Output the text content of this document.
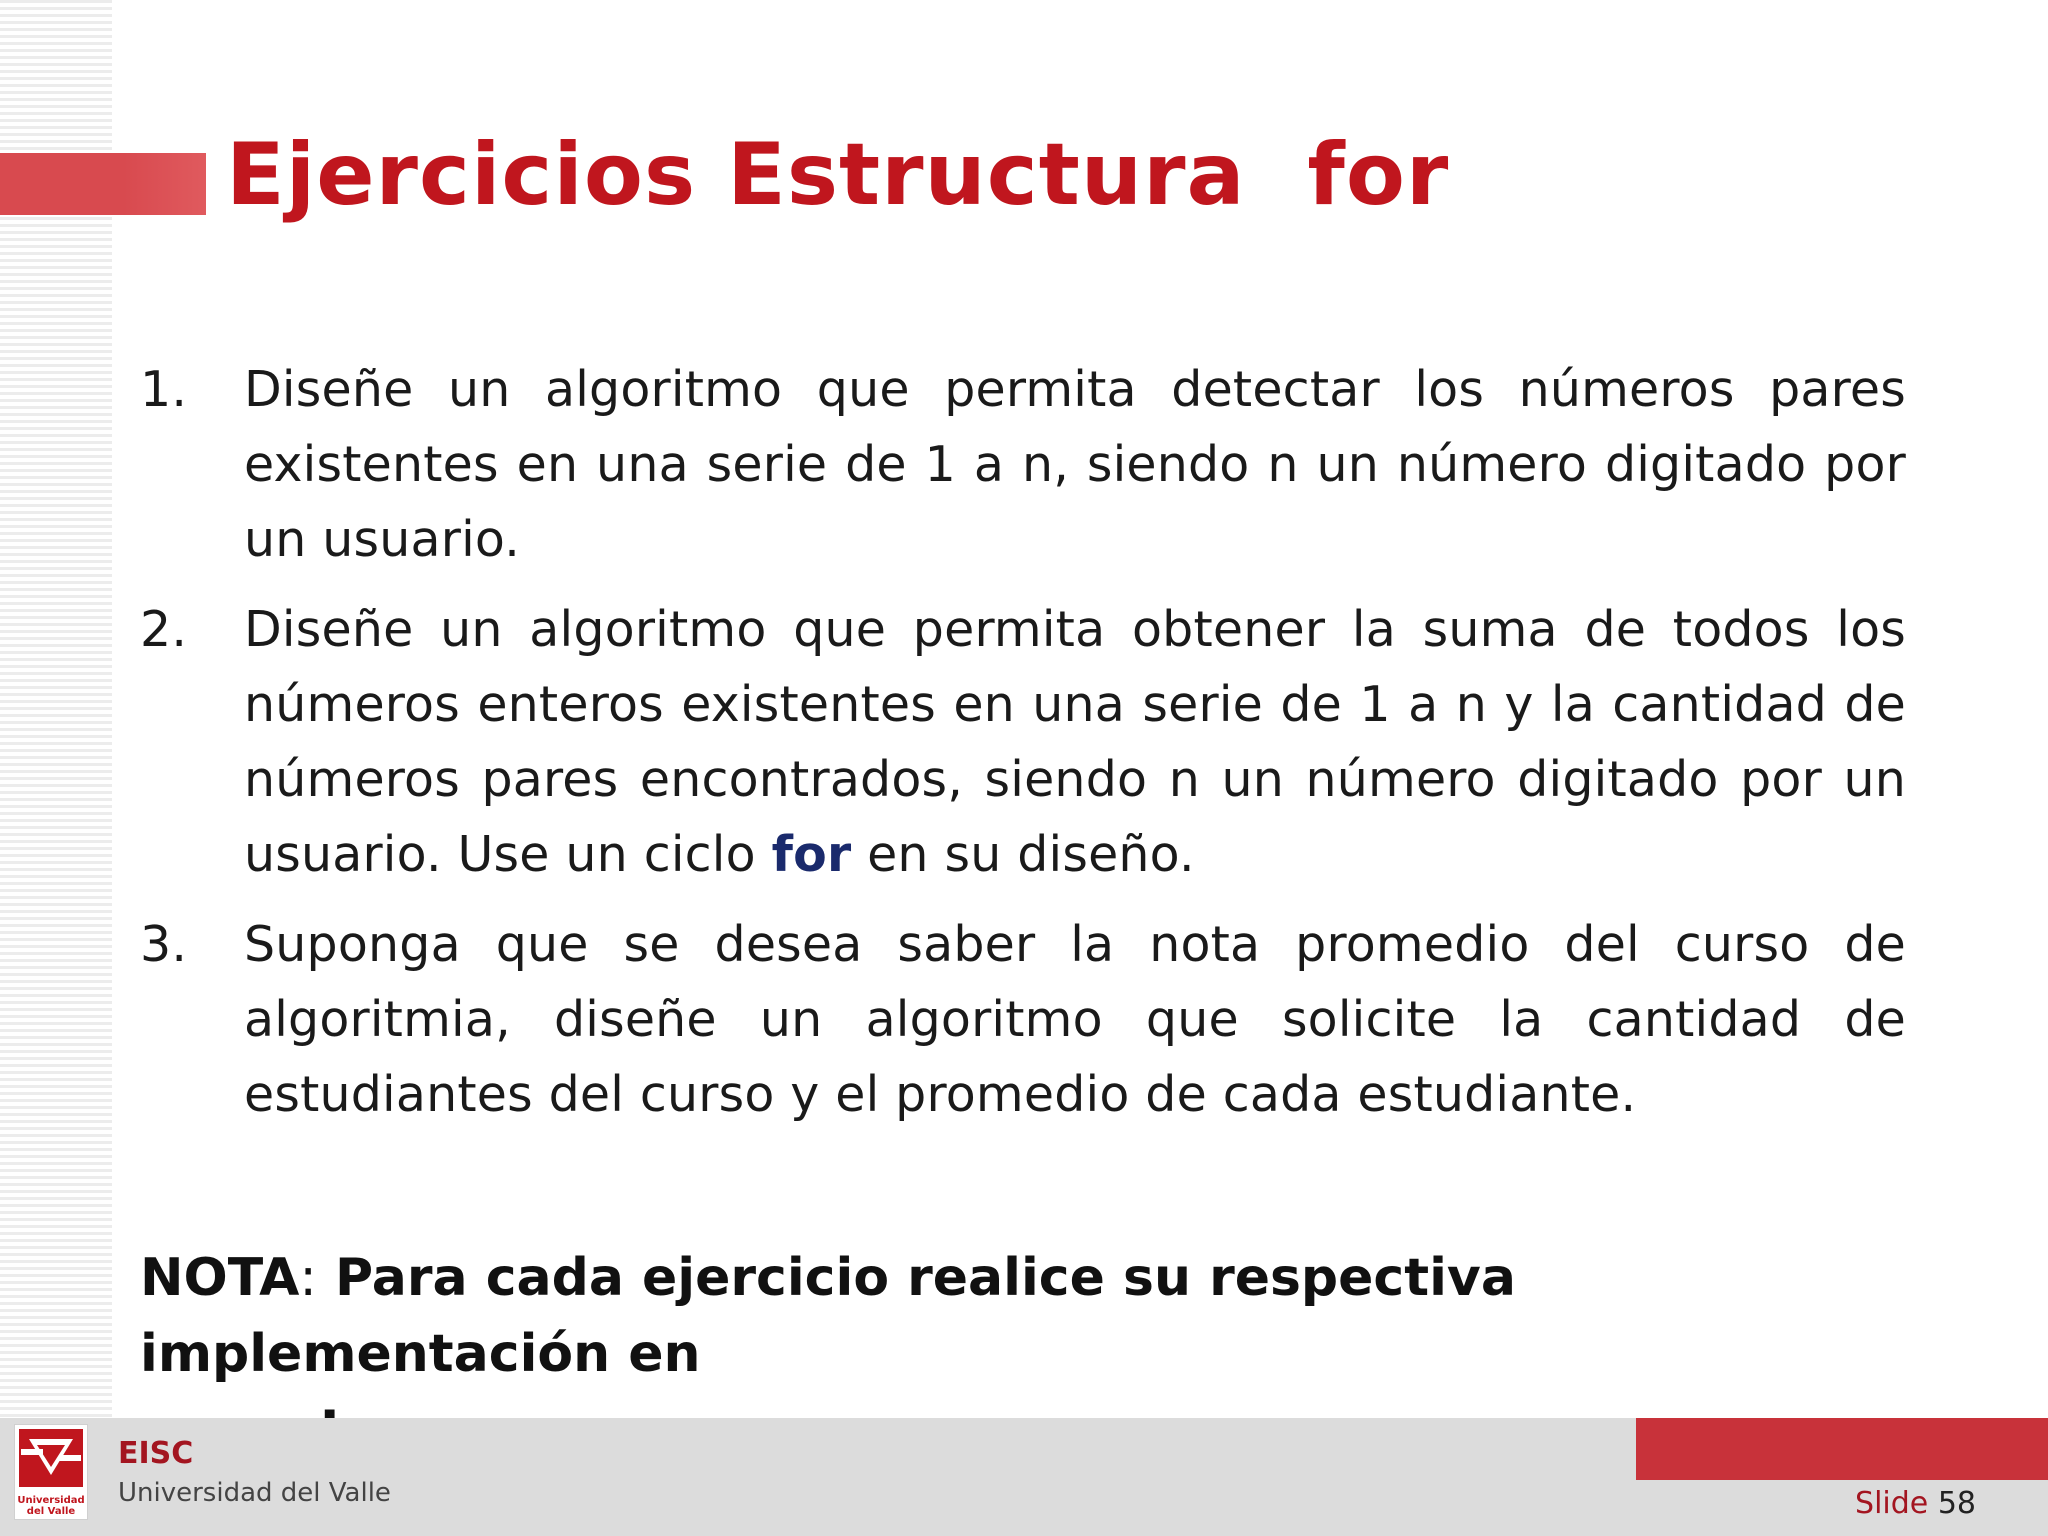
Ejercicios Estructura  for
1. Diseñe un algoritmo que permita detectar los números pares existentes en una serie de 1 a n, siendo n un número digitado por un usuario.
2. Diseñe un algoritmo que permita obtener la suma de todos los números enteros existentes en una serie de 1 a n y la cantidad de números pares encontrados, siendo n un número digitado por un usuario. Use un ciclo for en su diseño.
3. Suponga que se desea saber la nota promedio del curso de algoritmia, diseñe un algoritmo que solicite la cantidad de estudiantes del curso y el promedio de cada estudiante.
NOTA: Para cada ejercicio realice su respectiva implementación en
Universidad
del Valle
EISC
Universidad del Valle	Slide 58
